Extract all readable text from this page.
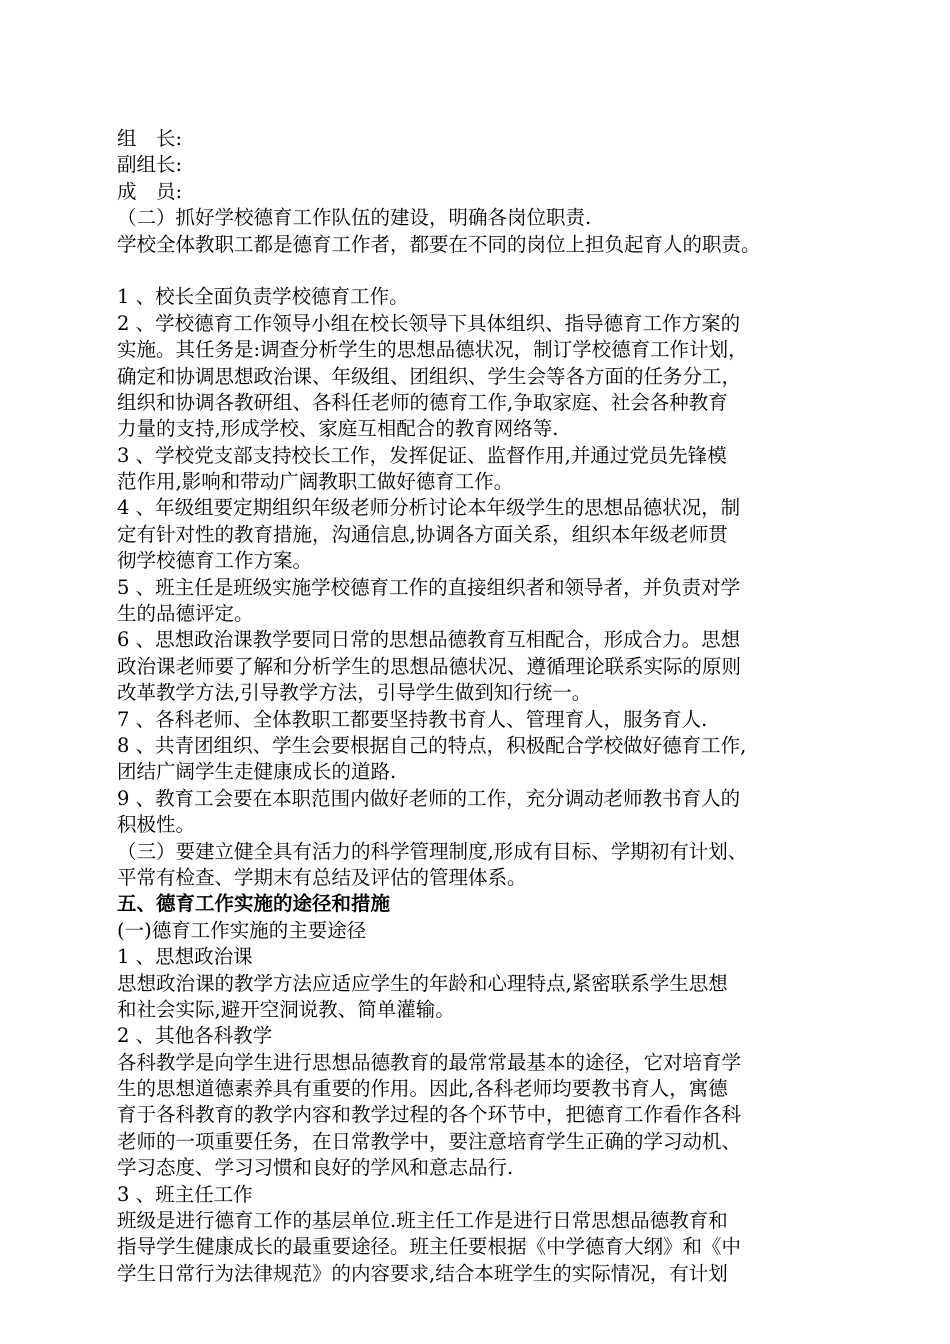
组　长:
副组长:
成　员:
（二）抓好学校德育工作队伍的建设，明确各岗位职责.
学校全体教职工都是德育工作者，都要在不同的岗位上担负起育人的职责。
1 、校长全面负责学校德育工作。
2 、学校德育工作领导小组在校长领导下具体组织、指导德育工作方案的
实施。其任务是:调查分析学生的思想品德状况，制订学校德育工作计划，
确定和协调思想政治课、年级组、团组织、学生会等各方面的任务分工，
组织和协调各教研组、各科任老师的德育工作,争取家庭、社会各种教育
力量的支持,形成学校、家庭互相配合的教育网络等.
3 、学校党支部支持校长工作，发挥促证、监督作用,并通过党员先锋模
范作用,影响和带动广阔教职工做好德育工作。
4 、年级组要定期组织年级老师分析讨论本年级学生的思想品德状况，制
定有针对性的教育措施，沟通信息,协调各方面关系，组织本年级老师贯
彻学校德育工作方案。
5 、班主任是班级实施学校德育工作的直接组织者和领导者，并负责对学
生的品德评定。
6 、思想政治课教学要同日常的思想品德教育互相配合，形成合力。思想
政治课老师要了解和分析学生的思想品德状况、遵循理论联系实际的原则
改革教学方法,引导教学方法，引导学生做到知行统一。
7 、各科老师、全体教职工都要坚持教书育人、管理育人，服务育人.
8 、共青团组织、学生会要根据自己的特点，积极配合学校做好德育工作,
团结广阔学生走健康成长的道路.
9 、教育工会要在本职范围内做好老师的工作，充分调动老师教书育人的
积极性。
（三）要建立健全具有活力的科学管理制度,形成有目标、学期初有计划、
平常有检查、学期末有总结及评估的管理体系。
五、德育工作实施的途径和措施
(一)德育工作实施的主要途径
1 、思想政治课
思想政治课的教学方法应适应学生的年龄和心理特点,紧密联系学生思想
和社会实际,避开空洞说教、简单灌输。
2 、其他各科教学
各科教学是向学生进行思想品德教育的最常常最基本的途径，它对培育学
生的思想道德素养具有重要的作用。因此,各科老师均要教书育人，寓德
育于各科教育的教学内容和教学过程的各个环节中，把德育工作看作各科
老师的一项重要任务，在日常教学中，要注意培育学生正确的学习动机、
学习态度、学习习惯和良好的学风和意志品行.
3 、班主任工作
班级是进行德育工作的基层单位.班主任工作是进行日常思想品德教育和
指导学生健康成长的最重要途径。班主任要根据《中学德育大纲》和《中
学生日常行为法律规范》的内容要求,结合本班学生的实际情况，有计划
